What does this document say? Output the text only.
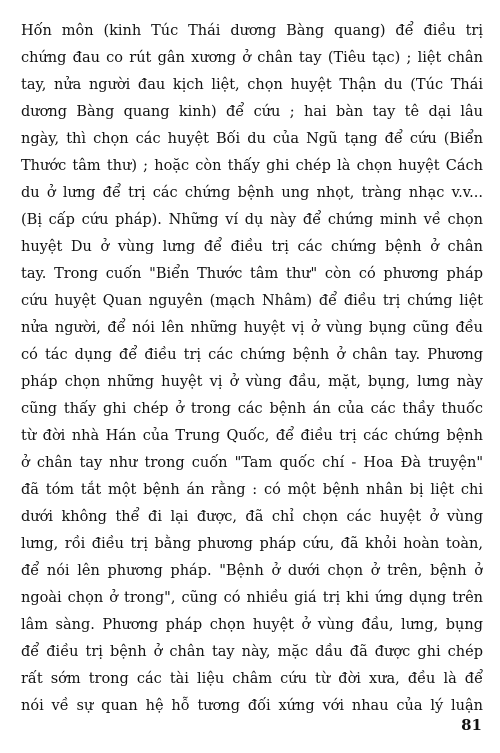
Hốn môn (kinh Túc Thái dương Bàng quang) để điều trị
chứng đau co rút gân xương ở chân tay (Tiêu tạc) ; liệt chân
tay, nửa người đau kịch liệt, chọn huyệt Thận du (Túc Thái
dương Bàng quang kinh) để cứu ; hai bàn tay tê dại lâu
ngày, thì chọn các huyệt Bối du của Ngũ tạng để cứu (Biển
Thước tâm thư) ; hoặc còn thấy ghi chép là chọn huyệt Cách
du ở lưng để trị các chứng bệnh ung nhọt, tràng nhạc v.v...
(Bị cấp cứu pháp). Những ví dụ này để chứng minh về chọn
huyệt Du ở vùng lưng để điều trị các chứng bệnh ở chân
tay. Trong cuốn "Biển Thước tâm thư" còn có phương pháp
cứu huyệt Quan nguyên (mạch Nhâm) để điều trị chứng liệt
nửa người, để nói lên những huyệt vị ở vùng bụng cũng đều
có tác dụng để điều trị các chứng bệnh ở chân tay. Phương
pháp chọn những huyệt vị ở vùng đầu, mặt, bụng, lưng này
cũng thấy ghi chép ở trong các bệnh án của các thầy thuốc
từ đời nhà Hán của Trung Quốc, để điều trị các chứng bệnh
ở chân tay như trong cuốn "Tam quốc chí - Hoa Đà truyện"
đã tóm tắt một bệnh án rằng : có một bệnh nhân bị liệt chi
dưới không thể đi lại được, đã chỉ chọn các huyệt ở vùng
lưng, rồi điều trị bằng phương pháp cứu, đã khỏi hoàn toàn,
để nói lên phương pháp. "Bệnh ở dưới chọn ở trên, bệnh ở
ngoài chọn ở trong", cũng có nhiều giá trị khi ứng dụng trên
lâm sàng. Phương pháp chọn huyệt ở vùng đầu, lưng, bụng
để điều trị bệnh ở chân tay này, mặc dầu đã được ghi chép
rất sớm trong các tài liệu châm cứu từ đời xưa, đều là để
nói về sự quan hệ hỗ tương đối xứng với nhau của lý luận
81
